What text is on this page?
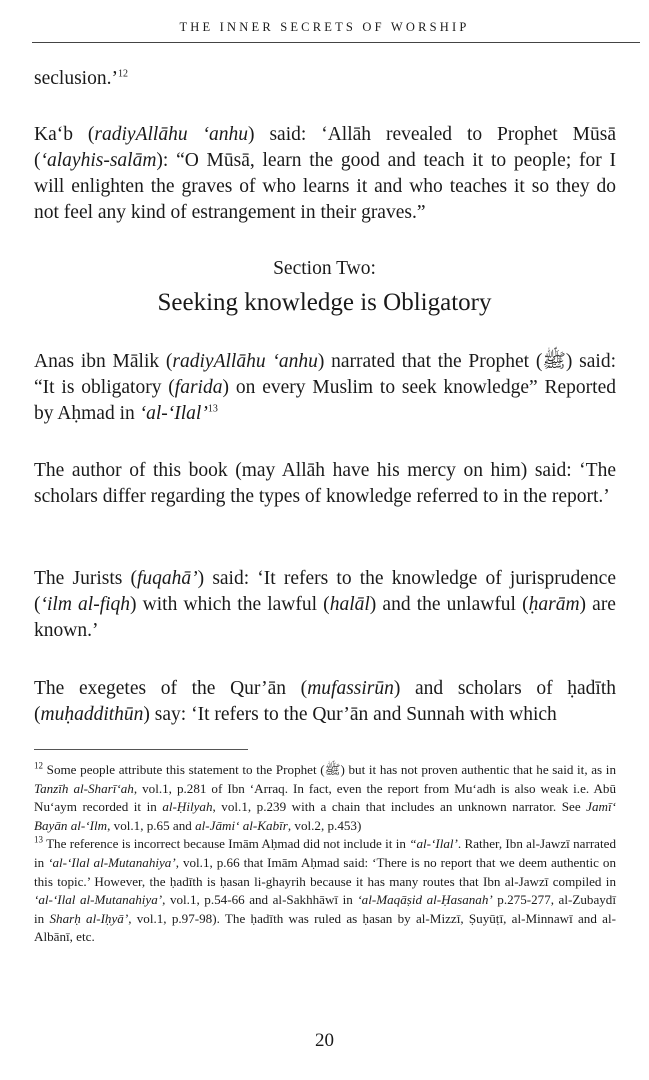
THE INNER SECRETS OF WORSHIP

seclusion.’$^{12}$

Ka‘b (radiyAllāhu ‘anhu) said: ‘Allāh revealed to Prophet Mūsā (‘alayhis-salām): “O Mūsā, learn the good and teach it to people; for I will enlighten the graves of who learns it and who teaches it so they do not feel any kind of estrangement in their graves.”

Section Two:
Seeking knowledge is Obligatory

Anas ibn Mālik (radiyAllāhu ‘anhu) narrated that the Prophet (ﷺ) said: “It is obligatory (farida) on every Muslim to seek knowledge” Reported by Aḥmad in ‘al-‘Ilal’$^{13}$

The author of this book (may Allāh have his mercy on him) said: ‘The scholars differ regarding the types of knowledge referred to in the report.’

The Jurists (fuqahā’) said: ‘It refers to the knowledge of jurisprudence (‘ilm al-fiqh) with which the lawful (halāl) and the unlawful (ḥarām) are known.’

The exegetes of the Qur’ān (mufassirūn) and scholars of ḥadīth (muḥaddithūn) say: ‘It refers to the Qur’ān and Sunnah with which

$^{12}$ Some people attribute this statement to the Prophet (ﷺ) but it has not proven authentic that he said it, as in Tanzīh al-Sharī‘ah, vol.1, p.281 of Ibn ‘Arraq. In fact, even the report from Mu‘adh is also weak i.e. Abū Nu‘aym recorded it in al-Ḥilyah, vol.1, p.239 with a chain that includes an unknown narrator. See Jamī‘ Bayān al-‘Ilm, vol.1, p.65 and al-Jāmi‘ al-Kabīr, vol.2, p.453)

$^{13}$ The reference is incorrect because Imām Aḥmad did not include it in “al-‘Ilal’. Rather, Ibn al-Jawzī narrated in ‘al-‘Ilal al-Mutanahiya’, vol.1, p.66 that Imām Aḥmad said: ‘There is no report that we deem authentic on this topic.’ However, the ḥadīth is ḥasan li-ghayrih because it has many routes that Ibn al-Jawzī compiled in ‘al-‘Ilal al-Mutanahiya’, vol.1, p.54-66 and al-Sakhhāwī in ‘al-Maqāṣid al-Ḥasanah’ p.275-277, al-Zubaydī in Sharḥ al-Iḥyā’, vol.1, p.97-98). The ḥadīth was ruled as ḥasan by al-Mizzī, Ṣuyūṭī, al-Minnawī and al-Albānī, etc.

20
